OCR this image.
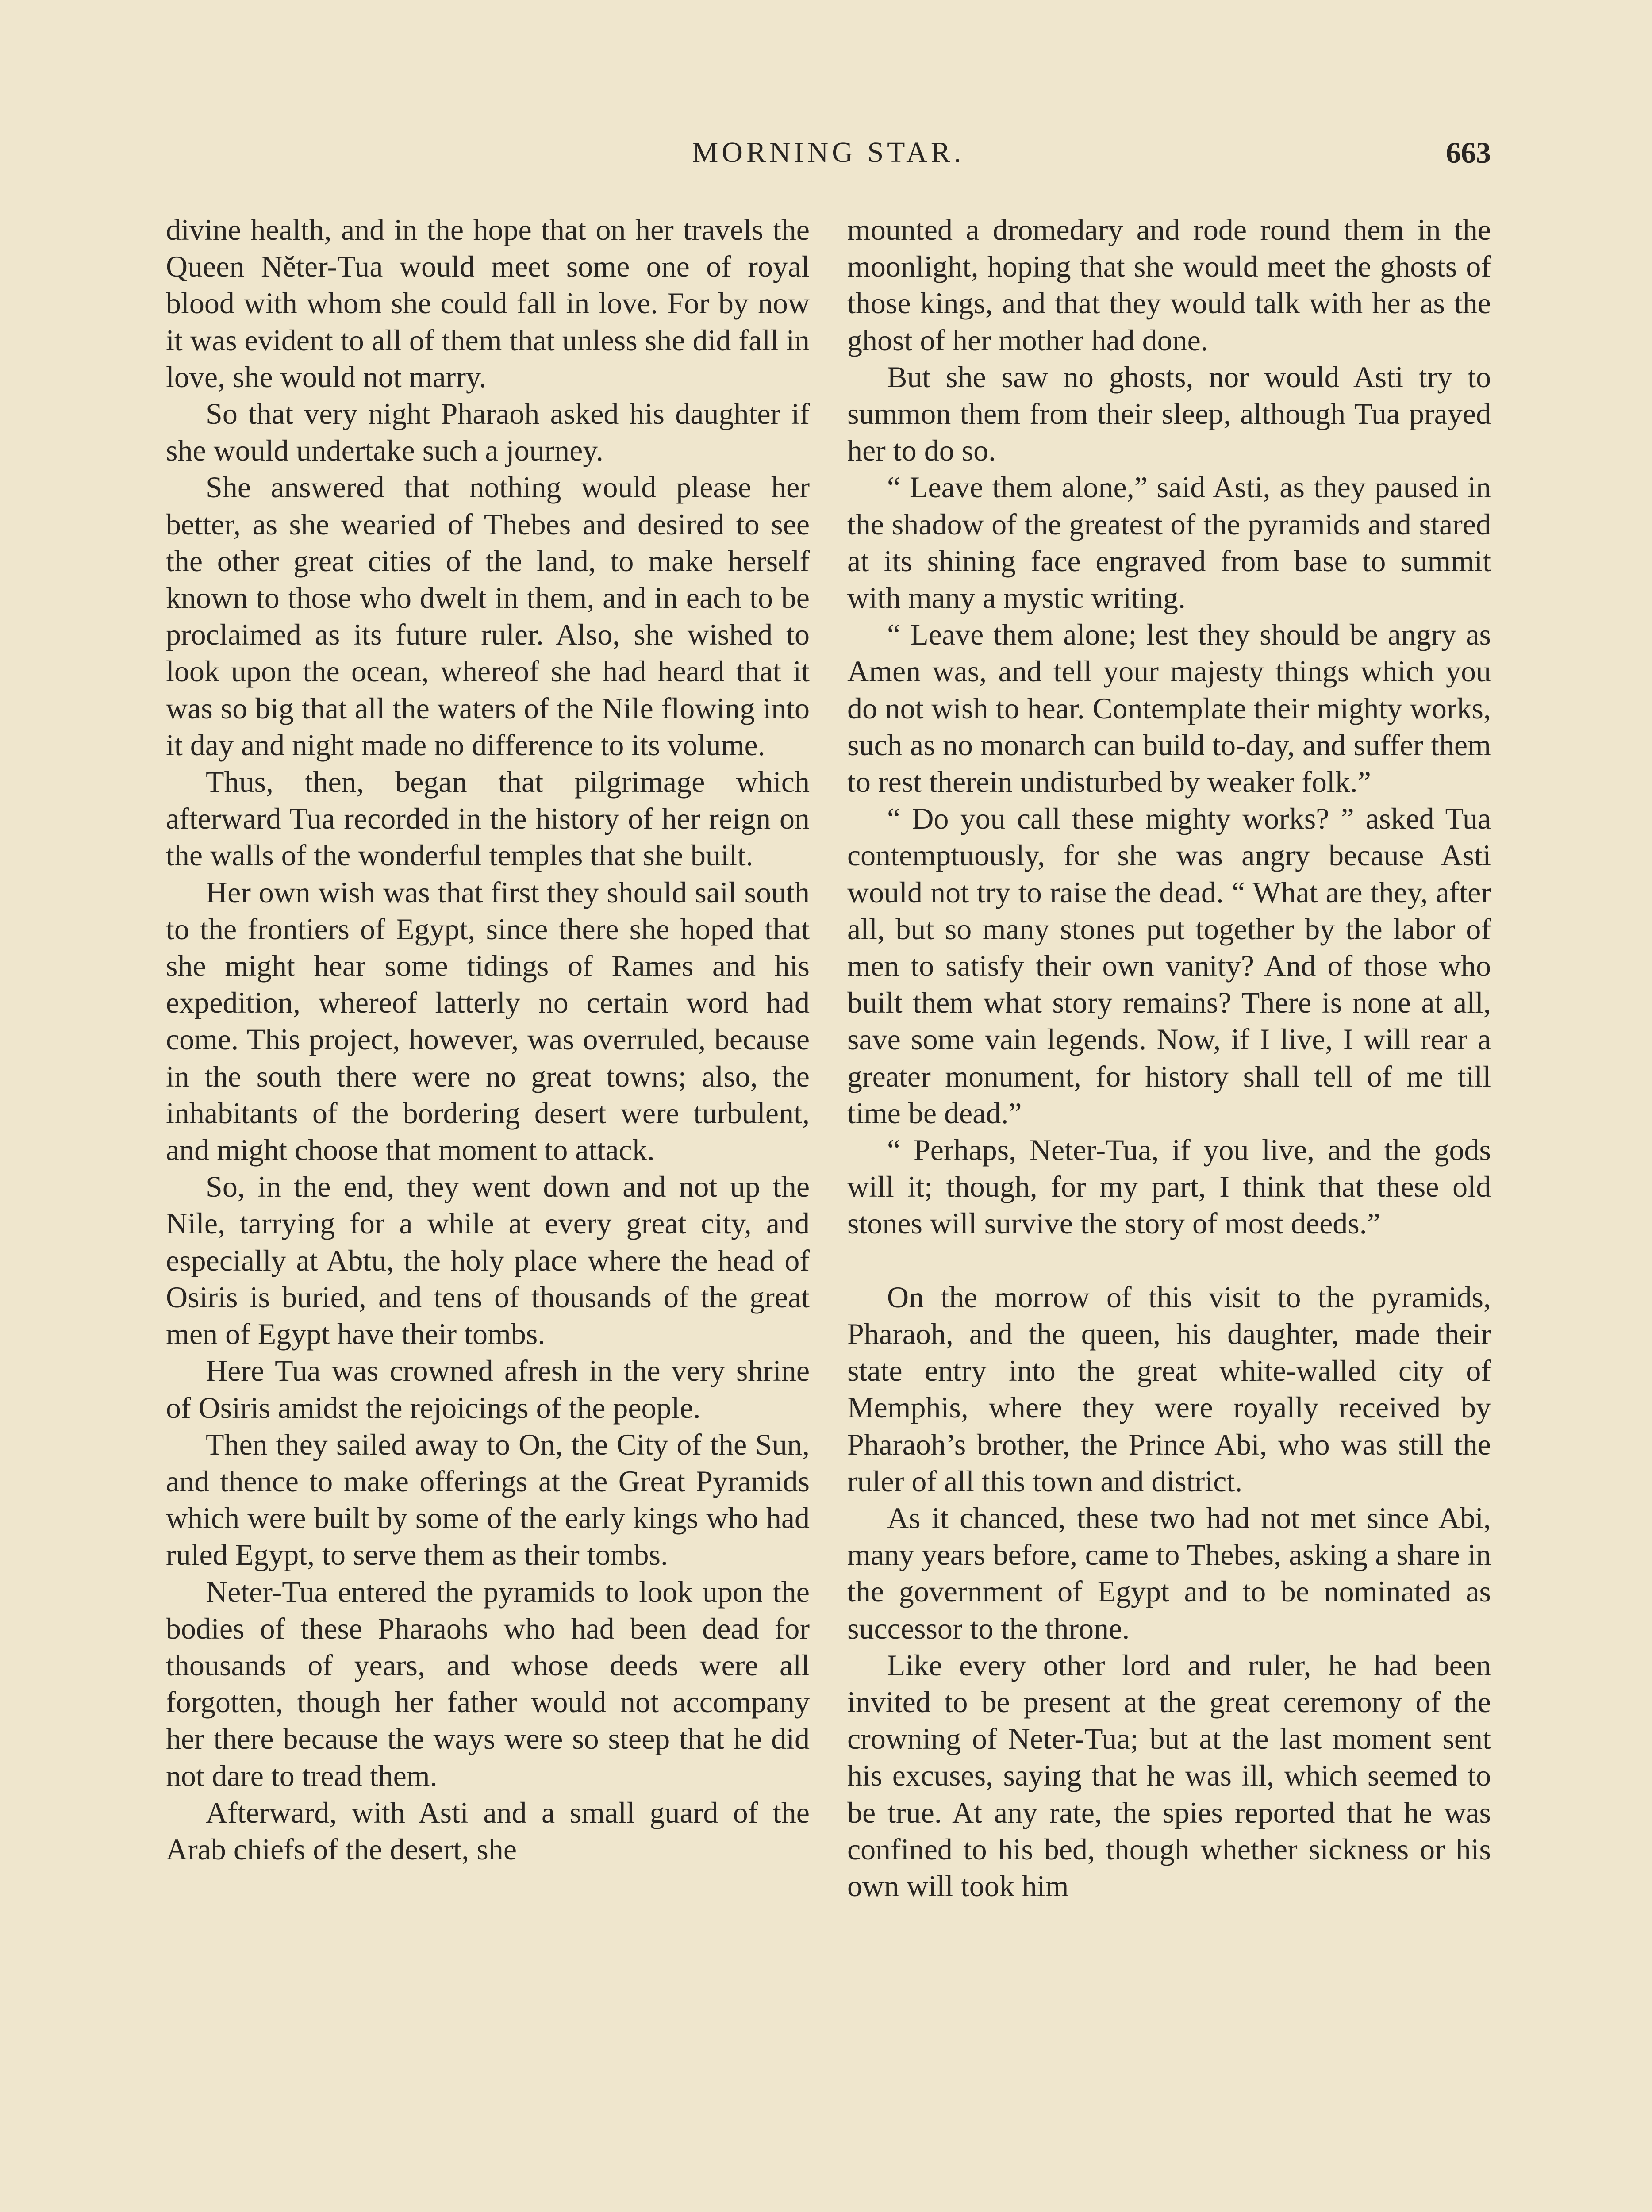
MORNING STAR.	663

divine health, and in the hope that on her travels the Queen Nĕter-Tua would meet some one of royal blood with whom she could fall in love. For by now it was evident to all of them that unless she did fall in love, she would not marry.

So that very night Pharaoh asked his daughter if she would undertake such a journey.

She answered that nothing would please her better, as she wearied of Thebes and desired to see the other great cities of the land, to make herself known to those who dwelt in them, and in each to be proclaimed as its future ruler. Also, she wished to look upon the ocean, whereof she had heard that it was so big that all the waters of the Nile flowing into it day and night made no difference to its volume.

Thus, then, began that pilgrimage which afterward Tua recorded in the history of her reign on the walls of the wonderful temples that she built.

Her own wish was that first they should sail south to the frontiers of Egypt, since there she hoped that she might hear some tidings of Rames and his expedition, whereof latterly no certain word had come. This project, however, was overruled, because in the south there were no great towns; also, the inhabitants of the bordering desert were turbulent, and might choose that moment to attack.

So, in the end, they went down and not up the Nile, tarrying for a while at every great city, and especially at Abtu, the holy place where the head of Osiris is buried, and tens of thousands of the great men of Egypt have their tombs.

Here Tua was crowned afresh in the very shrine of Osiris amidst the rejoicings of the people.

Then they sailed away to On, the City of the Sun, and thence to make offerings at the Great Pyramids which were built by some of the early kings who had ruled Egypt, to serve them as their tombs.

Neter-Tua entered the pyramids to look upon the bodies of these Pharaohs who had been dead for thousands of years, and whose deeds were all forgotten, though her father would not accompany her there because the ways were so steep that he did not dare to tread them.

Afterward, with Asti and a small guard of the Arab chiefs of the desert, she

mounted a dromedary and rode round them in the moonlight, hoping that she would meet the ghosts of those kings, and that they would talk with her as the ghost of her mother had done.

But she saw no ghosts, nor would Asti try to summon them from their sleep, although Tua prayed her to do so.

“ Leave them alone,” said Asti, as they paused in the shadow of the greatest of the pyramids and stared at its shining face engraved from base to summit with many a mystic writing.

“ Leave them alone; lest they should be angry as Amen was, and tell your majesty things which you do not wish to hear. Contemplate their mighty works, such as no monarch can build to-day, and suffer them to rest therein undisturbed by weaker folk.”

“ Do you call these mighty works? ” asked Tua contemptuously, for she was angry because Asti would not try to raise the dead. “ What are they, after all, but so many stones put together by the labor of men to satisfy their own vanity? And of those who built them what story remains? There is none at all, save some vain legends. Now, if I live, I will rear a greater monument, for history shall tell of me till time be dead.”

“ Perhaps, Neter-Tua, if you live, and the gods will it; though, for my part, I think that these old stones will survive the story of most deeds.”

On the morrow of this visit to the pyramids, Pharaoh, and the queen, his daughter, made their state entry into the great white-walled city of Memphis, where they were royally received by Pharaoh’s brother, the Prince Abi, who was still the ruler of all this town and district.

As it chanced, these two had not met since Abi, many years before, came to Thebes, asking a share in the government of Egypt and to be nominated as successor to the throne.

Like every other lord and ruler, he had been invited to be present at the great ceremony of the crowning of Neter-Tua; but at the last moment sent his excuses, saying that he was ill, which seemed to be true. At any rate, the spies reported that he was confined to his bed, though whether sickness or his own will took him
